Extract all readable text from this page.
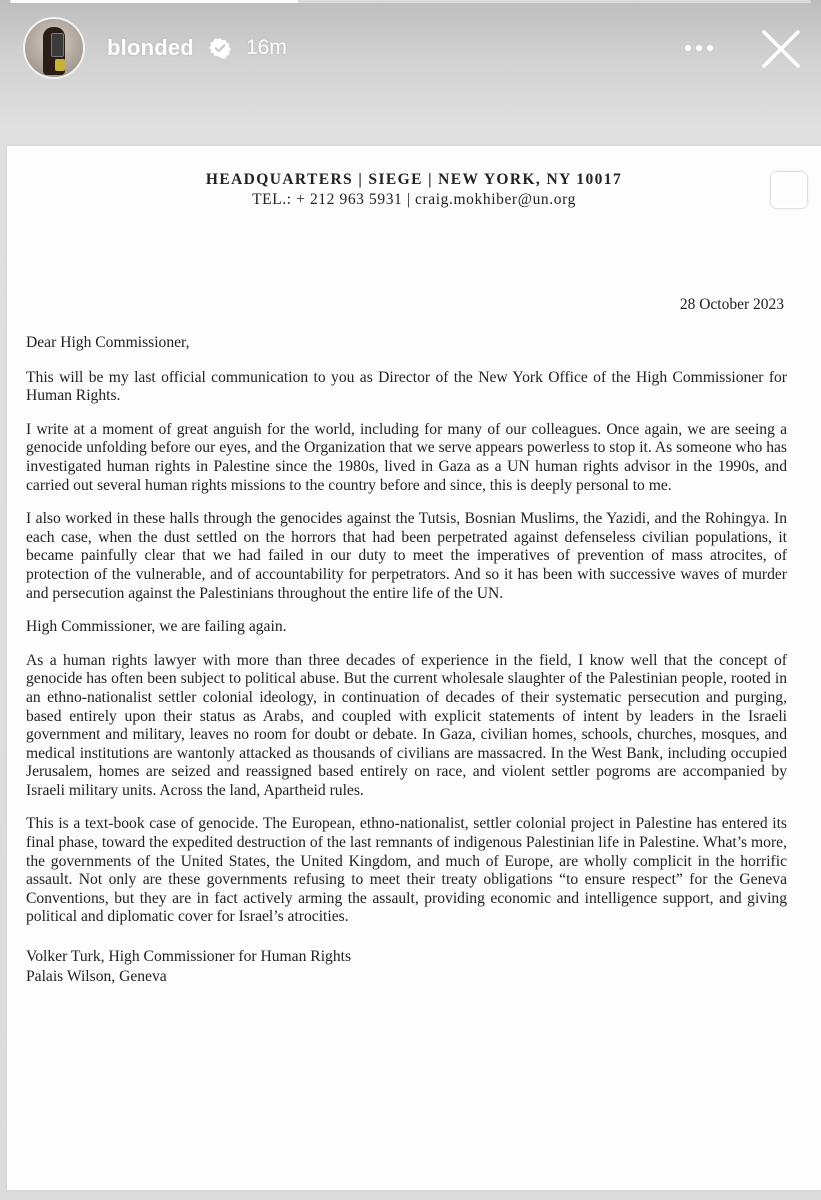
blonded 16m
HEADQUARTERS | SIEGE | NEW YORK, NY 10017
TEL.: + 212 963 5931 | craig.mokhiber@un.org
28 October 2023

Dear High Commissioner,

This will be my last official communication to you as Director of the New York Office of the High Commissioner for Human Rights.

I write at a moment of great anguish for the world, including for many of our colleagues. Once again, we are seeing a genocide unfolding before our eyes, and the Organization that we serve appears powerless to stop it. As someone who has investigated human rights in Palestine since the 1980s, lived in Gaza as a UN human rights advisor in the 1990s, and carried out several human rights missions to the country before and since, this is deeply personal to me.

I also worked in these halls through the genocides against the Tutsis, Bosnian Muslims, the Yazidi, and the Rohingya. In each case, when the dust settled on the horrors that had been perpetrated against defenseless civilian populations, it became painfully clear that we had failed in our duty to meet the imperatives of prevention of mass atrocites, of protection of the vulnerable, and of accountability for perpetrators. And so it has been with successive waves of murder and persecution against the Palestinians throughout the entire life of the UN.

High Commissioner, we are failing again.

As a human rights lawyer with more than three decades of experience in the field, I know well that the concept of genocide has often been subject to political abuse. But the current wholesale slaughter of the Palestinian people, rooted in an ethno-nationalist settler colonial ideology, in continuation of decades of their systematic persecution and purging, based entirely upon their status as Arabs, and coupled with explicit statements of intent by leaders in the Israeli government and military, leaves no room for doubt or debate. In Gaza, civilian homes, schools, churches, mosques, and medical institutions are wantonly attacked as thousands of civilians are massacred. In the West Bank, including occupied Jerusalem, homes are seized and reassigned based entirely on race, and violent settler pogroms are accompanied by Israeli military units. Across the land, Apartheid rules.

This is a text-book case of genocide. The European, ethno-nationalist, settler colonial project in Palestine has entered its final phase, toward the expedited destruction of the last remnants of indigenous Palestinian life in Palestine. What’s more, the governments of the United States, the United Kingdom, and much of Europe, are wholly complicit in the horrific assault. Not only are these governments refusing to meet their treaty obligations “to ensure respect” for the Geneva Conventions, but they are in fact actively arming the assault, providing economic and intelligence support, and giving political and diplomatic cover for Israel’s atrocities.

Volker Turk, High Commissioner for Human Rights
Palais Wilson, Geneva
